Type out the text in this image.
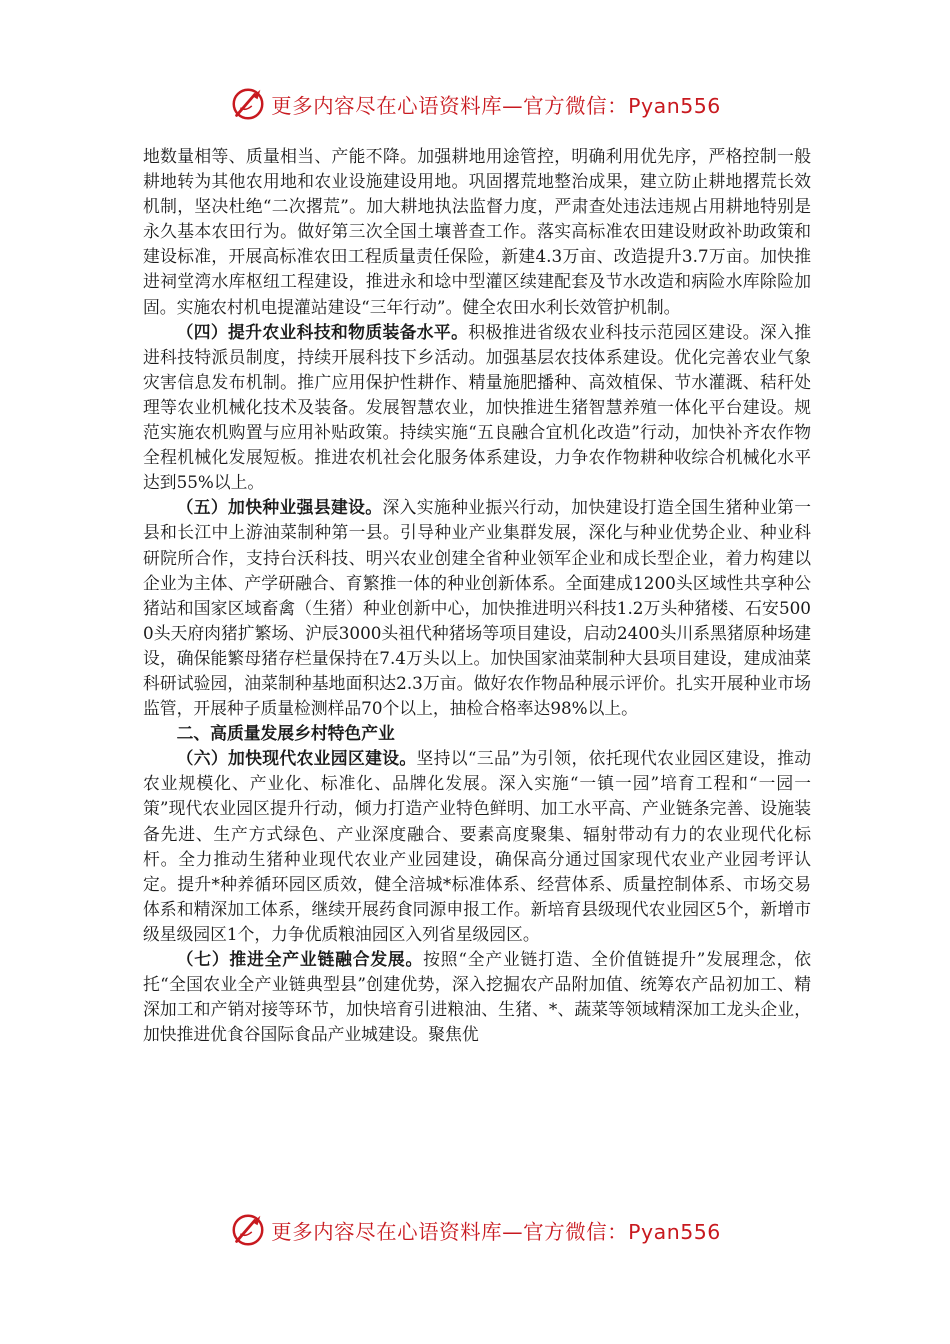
更多内容尽在心语资料库—官方微信：Pyan556

地数量相等、质量相当、产能不降。加强耕地用途管控，明确利用优先序，严格控制一般耕地转为其他农用地和农业设施建设用地。巩固撂荒地整治成果，建立防止耕地撂荒长效机制，坚决杜绝“二次撂荒”。加大耕地执法监督力度，严肃查处违法违规占用耕地特别是永久基本农田行为。做好第三次全国土壤普查工作。落实高标准农田建设财政补助政策和建设标准，开展高标准农田工程质量责任保险，新建4.3万亩、改造提升3.7万亩。加快推进祠堂湾水库枢纽工程建设，推进永和埝中型灌区续建配套及节水改造和病险水库除险加固。实施农村机电提灌站建设“三年行动”。健全农田水利长效管护机制。

（四）提升农业科技和物质装备水平。积极推进省级农业科技示范园区建设。深入推进科技特派员制度，持续开展科技下乡活动。加强基层农技体系建设。优化完善农业气象灾害信息发布机制。推广应用保护性耕作、精量施肥播种、高效植保、节水灌溉、秸秆处理等农业机械化技术及装备。发展智慧农业，加快推进生猪智慧养殖一体化平台建设。规范实施农机购置与应用补贴政策。持续实施“五良融合宜机化改造”行动，加快补齐农作物全程机械化发展短板。推进农机社会化服务体系建设，力争农作物耕种收综合机械化水平达到55%以上。

（五）加快种业强县建设。深入实施种业振兴行动，加快建设打造全国生猪种业第一县和长江中上游油菜制种第一县。引导种业产业集群发展，深化与种业优势企业、种业科研院所合作，支持台沃科技、明兴农业创建全省种业领军企业和成长型企业，着力构建以企业为主体、产学研融合、育繁推一体的种业创新体系。全面建成1200头区域性共享种公猪站和国家区域畜禽（生猪）种业创新中心，加快推进明兴科技1.2万头种猪楼、石安5000头天府肉猪扩繁场、沪辰3000头祖代种猪场等项目建设，启动2400头川系黑猪原种场建设，确保能繁母猪存栏量保持在7.4万头以上。加快国家油菜制种大县项目建设，建成油菜科研试验园，油菜制种基地面积达2.3万亩。做好农作物品种展示评价。扎实开展种业市场监管，开展种子质量检测样品70个以上，抽检合格率达98%以上。

二、高质量发展乡村特色产业

（六）加快现代农业园区建设。坚持以“三品”为引领，依托现代农业园区建设，推动农业规模化、产业化、标准化、品牌化发展。深入实施“一镇一园”培育工程和“一园一策”现代农业园区提升行动，倾力打造产业特色鲜明、加工水平高、产业链条完善、设施装备先进、生产方式绿色、产业深度融合、要素高度聚集、辐射带动有力的农业现代化标杆。全力推动生猪种业现代农业产业园建设，确保高分通过国家现代农业产业园考评认定。提升*种养循环园区质效，健全涪城*标准体系、经营体系、质量控制体系、市场交易体系和精深加工体系，继续开展药食同源申报工作。新培育县级现代农业园区5个，新增市级星级园区1个，力争优质粮油园区入列省星级园区。

（七）推进全产业链融合发展。按照“全产业链打造、全价值链提升”发展理念，依托“全国农业全产业链典型县”创建优势，深入挖掘农产品附加值、统筹农产品初加工、精深加工和产销对接等环节，加快培育引进粮油、生猪、*、蔬菜等领域精深加工龙头企业，加快推进优食谷国际食品产业城建设。聚焦优

更多内容尽在心语资料库—官方微信：Pyan556
